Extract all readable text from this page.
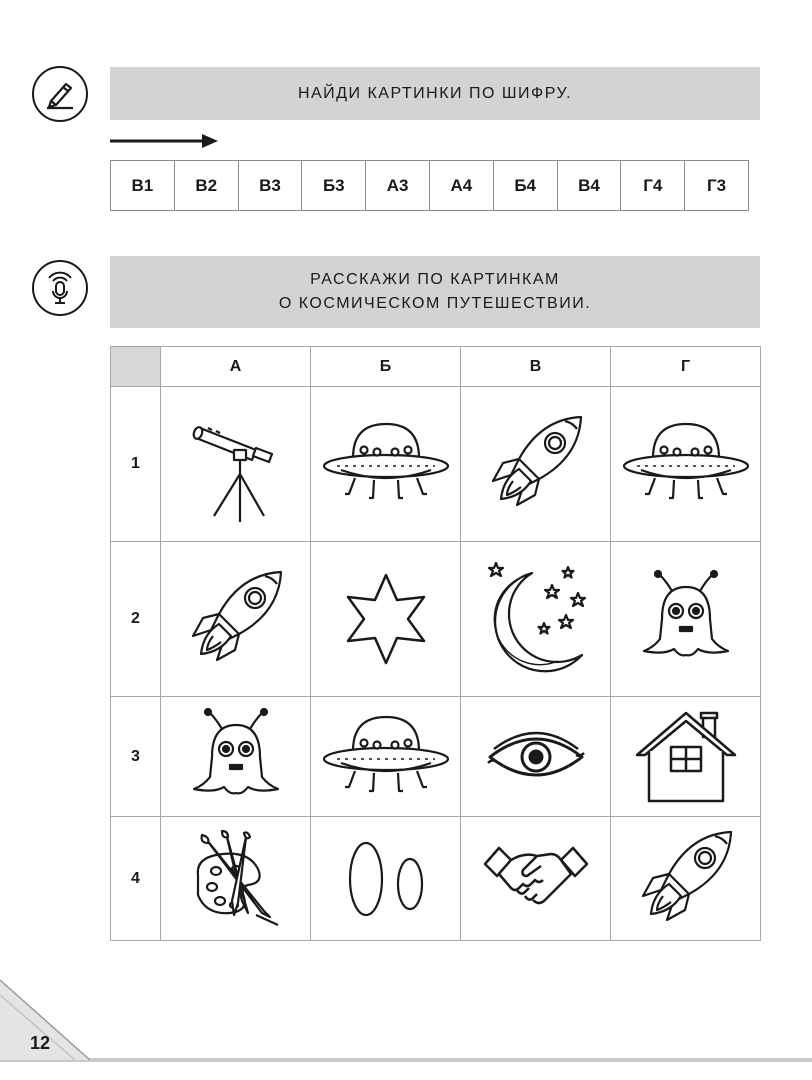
НАЙДИ КАРТИНКИ ПО ШИФРУ.
В1	В2	В3	Б3	А3	А4	Б4	В4	Г4	Г3
РАССКАЖИ ПО КАРТИНКАМ
О КОСМИЧЕСКОМ ПУТЕШЕСТВИИ.
А	Б	В	Г
1
2
3
4
12
